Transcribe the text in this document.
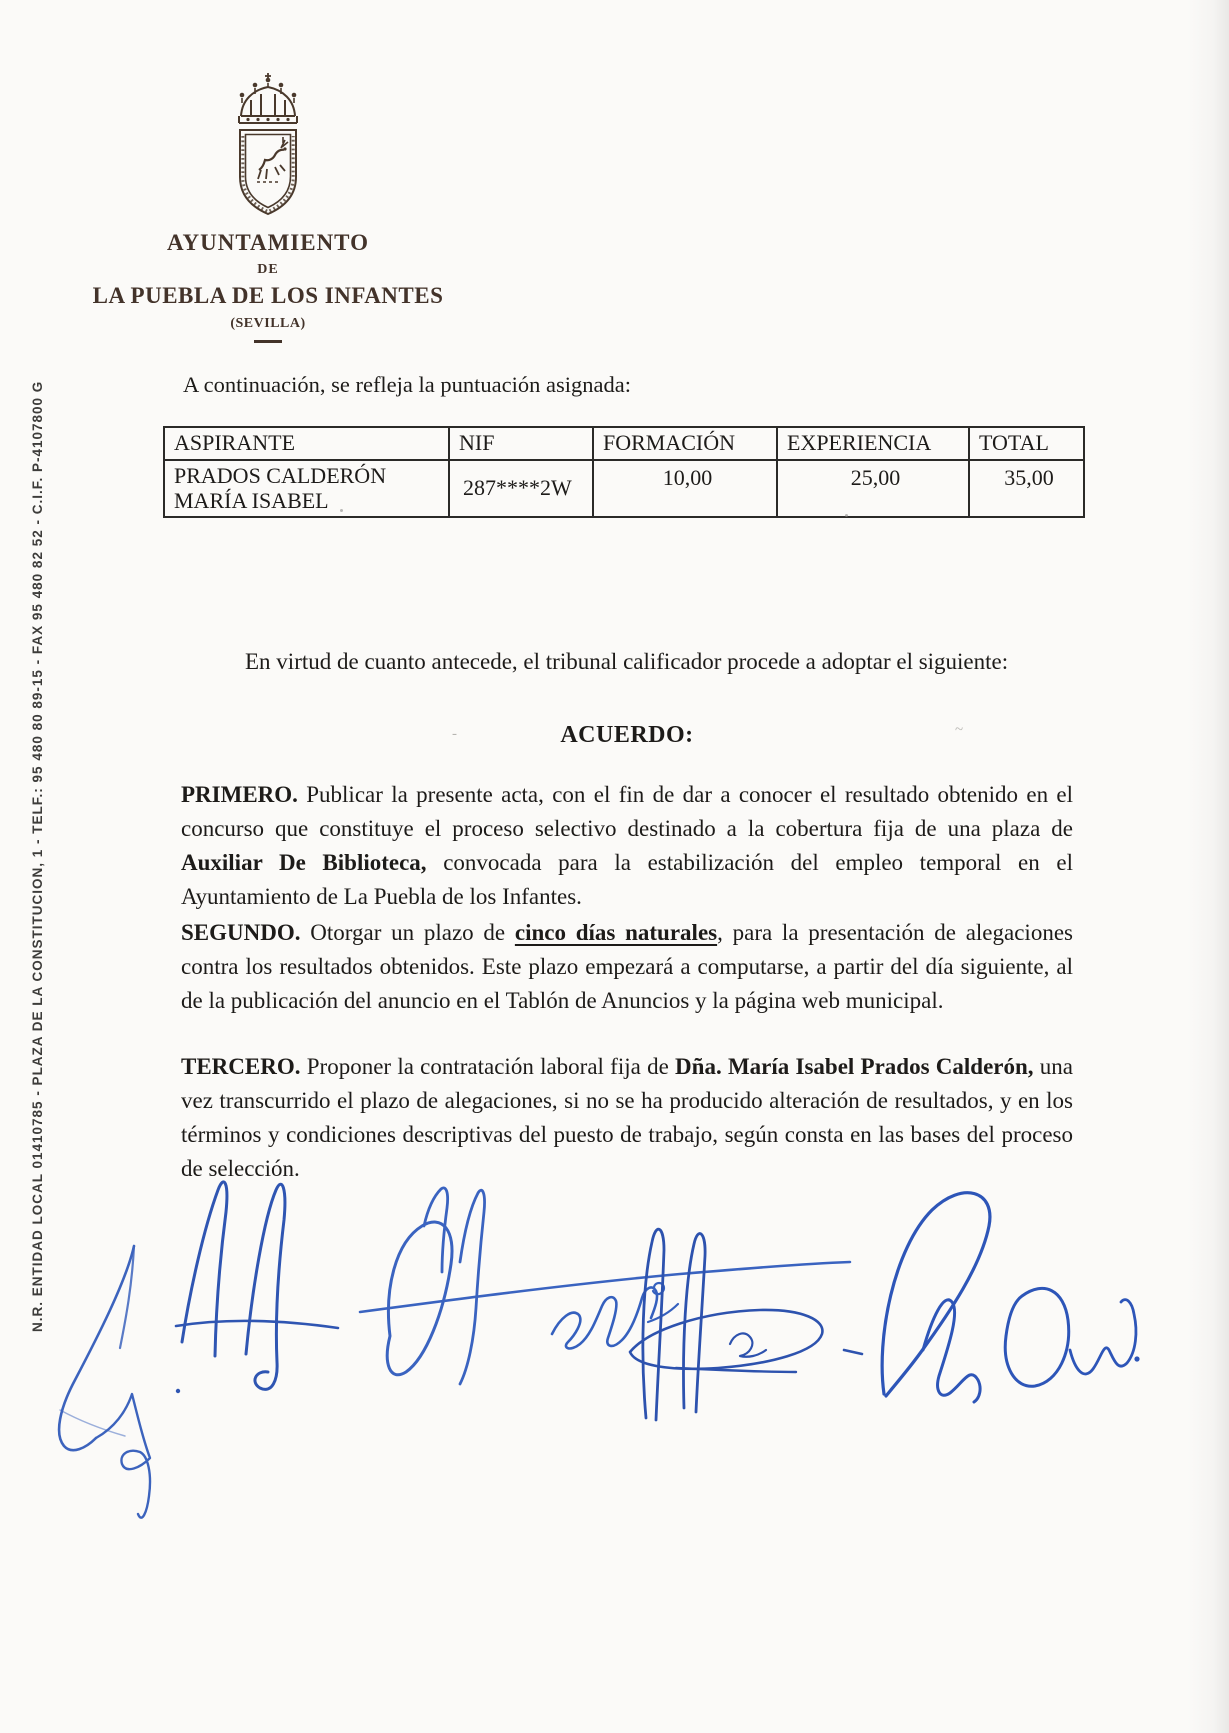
N.R. ENTIDAD LOCAL 01410785 - PLAZA DE LA CONSTITUCION, 1 - TELF.: 95 480 80 89-15 - FAX 95 480 82 52 - C.I.F. P-4107800 G
AYUNTAMIENTO
DE
LA PUEBLA DE LOS INFANTES
(SEVILLA)

A continuación, se refleja la puntuación asignada:

ASPIRANTE	NIF	FORMACIÓN	EXPERIENCIA	TOTAL

PRADOS CALDERÓN
MARÍA ISABEL	287****2W	10,00	25,00	35,00

En virtud de cuanto antecede, el tribunal calificador procede a adoptar el siguiente:

ACUERDO:

PRIMERO. Publicar la presente acta, con el fin de dar a conocer el resultado obtenido en el concurso que constituye el proceso selectivo destinado a la cobertura fija de una plaza de Auxiliar De Biblioteca, convocada para la estabilización del empleo temporal en el Ayuntamiento de La Puebla de los Infantes.

SEGUNDO. Otorgar un plazo de cinco días naturales, para la presentación de alegaciones contra los resultados obtenidos. Este plazo empezará a computarse, a partir del día siguiente, al de la publicación del anuncio en el Tablón de Anuncios y la página web municipal.

TERCERO. Proponer la contratación laboral fija de Dña. María Isabel Prados Calderón, una vez transcurrido el plazo de alegaciones, si no se ha producido alteración de resultados, y en los términos y condiciones descriptivas del puesto de trabajo, según consta en las bases del proceso de selección.

-	~
